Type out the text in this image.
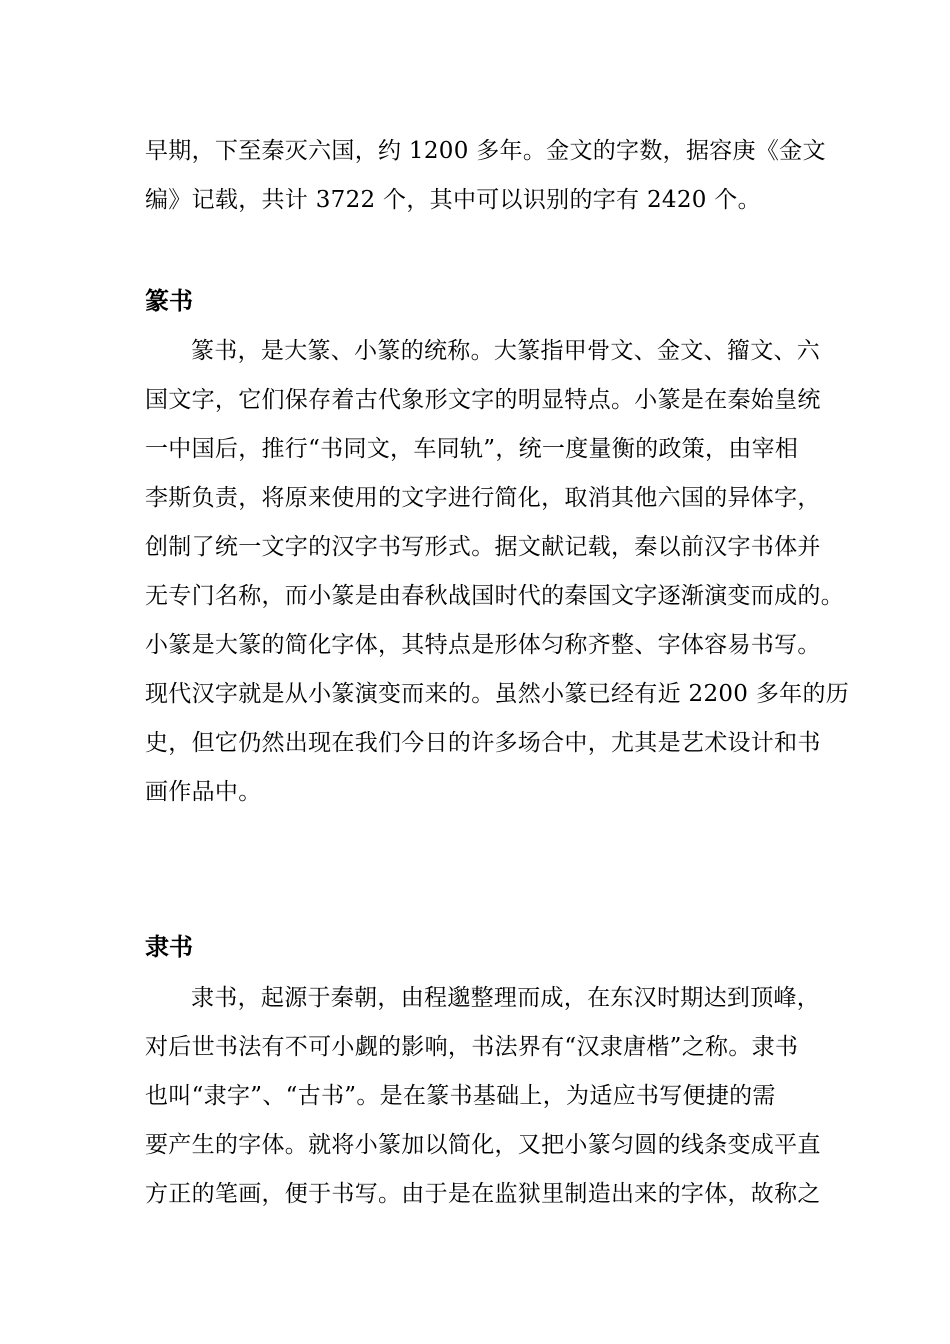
早期，下至秦灭六国，约 1200 多年。金文的字数，据容庚《金文
编》记载，共计 3722 个，其中可以识别的字有 2420 个。
篆书
篆书，是大篆、小篆的统称。大篆指甲骨文、金文、籀文、六
国文字，它们保存着古代象形文字的明显特点。小篆是在秦始皇统
一中国后，推行“书同文，车同轨”，统一度量衡的政策，由宰相
李斯负责，将原来使用的文字进行简化，取消其他六国的异体字，
创制了统一文字的汉字书写形式。据文献记载，秦以前汉字书体并
无专门名称，而小篆是由春秋战国时代的秦国文字逐渐演变而成的。
小篆是大篆的简化字体，其特点是形体匀称齐整、字体容易书写。
现代汉字就是从小篆演变而来的。虽然小篆已经有近 2200 多年的历
史，但它仍然出现在我们今日的许多场合中，尤其是艺术设计和书
画作品中。
隶书
隶书，起源于秦朝，由程邈整理而成，在东汉时期达到顶峰，
对后世书法有不可小觑的影响，书法界有“汉隶唐楷”之称。隶书
也叫“隶字”、“古书”。是在篆书基础上，为适应书写便捷的需
要产生的字体。就将小篆加以简化，又把小篆匀圆的线条变成平直
方正的笔画，便于书写。由于是在监狱里制造出来的字体，故称之
